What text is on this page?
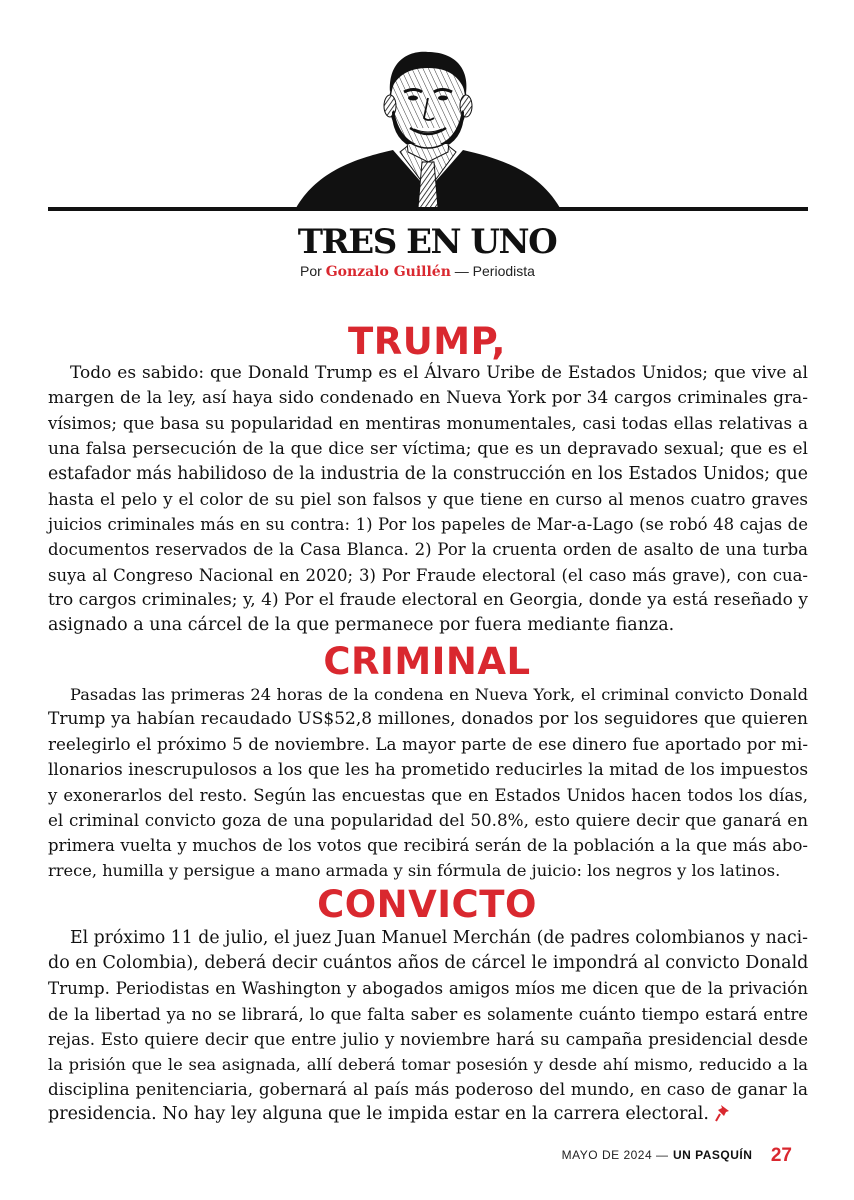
TRES EN UNO
Por Gonzalo Guillén — Periodista
TRUMP,
Todo es sabido: que Donald Trump es el Álvaro Uribe de Estados Unidos; que vive al
margen de la ley, así haya sido condenado en Nueva York por 34 cargos criminales gra-
vísimos; que basa su popularidad en mentiras monumentales, casi todas ellas relativas a
una falsa persecución de la que dice ser víctima; que es un depravado sexual; que es el
estafador más habilidoso de la industria de la construcción en los Estados Unidos; que
hasta el pelo y el color de su piel son falsos y que tiene en curso al menos cuatro graves
juicios criminales más en su contra: 1) Por los papeles de Mar-a-Lago (se robó 48 cajas de
documentos reservados de la Casa Blanca. 2) Por la cruenta orden de asalto de una turba
suya al Congreso Nacional en 2020; 3) Por Fraude electoral (el caso más grave), con cua-
tro cargos criminales; y, 4) Por el fraude electoral en Georgia, donde ya está reseñado y
asignado a una cárcel de la que permanece por fuera mediante fianza.
CRIMINAL
Pasadas las primeras 24 horas de la condena en Nueva York, el criminal convicto Donald
Trump ya habían recaudado US$52,8 millones, donados por los seguidores que quieren
reelegirlo el próximo 5 de noviembre. La mayor parte de ese dinero fue aportado por mi-
llonarios inescrupulosos a los que les ha prometido reducirles la mitad de los impuestos
y exonerarlos del resto. Según las encuestas que en Estados Unidos hacen todos los días,
el criminal convicto goza de una popularidad del 50.8%, esto quiere decir que ganará en
primera vuelta y muchos de los votos que recibirá serán de la población a la que más abo-
rrece, humilla y persigue a mano armada y sin fórmula de juicio: los negros y los latinos.
CONVICTO
El próximo 11 de julio, el juez Juan Manuel Merchán (de padres colombianos y naci-
do en Colombia), deberá decir cuántos años de cárcel le impondrá al convicto Donald
Trump. Periodistas en Washington y abogados amigos míos me dicen que de la privación
de la libertad ya no se librará, lo que falta saber es solamente cuánto tiempo estará entre
rejas. Esto quiere decir que entre julio y noviembre hará su campaña presidencial desde
la prisión que le sea asignada, allí deberá tomar posesión y desde ahí mismo, reducido a la
disciplina penitenciaria, gobernará al país más poderoso del mundo, en caso de ganar la
presidencia. No hay ley alguna que le impida estar en la carrera electoral.
MAYO DE 2024 — UN PASQUÍN 27
